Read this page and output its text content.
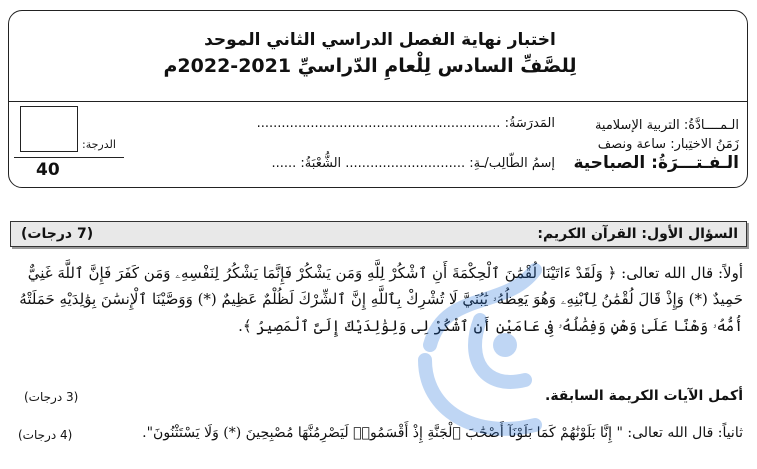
اختبار نهاية الفصل الدراسي الثاني الموحد
لِلصَّفِّ السادس لِلْعامِ الدّراسيِّ 2021-2022م
الـمــــادَّةُ: التربية الإسلامية
زَمَنُ الاختِبار: ساعة ونصف
الـفـتـــرَةُ: الصباحية
المَدرَسَةُ: ...........................................................
إسمُ الطّالِب/ـةِ: ............................. الشُّعْبَةُ: ......
الدرجة:
40
السؤال الأول: القرآن الكريم:
(7 درجات)
أولاً: قال الله تعالى: ﴿ وَلَقَدْ ءَاتَيْنَا لُقْمَٰنَ ٱلْحِكْمَةَ أَنِ ٱشْكُرْ لِلَّهِ وَمَن يَشْكُرْ فَإِنَّمَا يَشْكُرُ لِنَفْسِهِۦ وَمَن كَفَرَ فَإِنَّ ٱللَّهَ غَنِيٌّ
حَمِيدٌ (*) وَإِذْ قَالَ لُقْمَٰنُ لِٱبْنِهِۦ وَهُوَ يَعِظُهُۥ يَٰبُنَيَّ لَا تُشْرِكْ بِٱللَّهِ إِنَّ ٱلشِّرْكَ لَظُلْمٌ عَظِيمٌ (*) وَوَصَّيْنَا ٱلْإِنسَٰنَ بِوَٰلِدَيْهِ حَمَلَتْهُ
أُمُّهُۥ وَهْنًا عَلَىٰ وَهْنٍ وَفِصَٰلُهُۥ فِى عَامَيْنِ أَنِ ٱشْكُرْ لِى وَلِوَٰلِدَيْكَ إِلَىَّ ٱلْمَصِيرُ ﴾.
أكمل الآيات الكريمة السابقة.
(3 درجات)
ثانياً: قال الله تعالى: " إِنَّا بَلَوْنَٰهُمْ كَمَا بَلَوْنَآ أَصْحَٰبَ ٱلْجَنَّةِ إِذْ أَقْسَمُوا۟ لَيَصْرِمُنَّهَا مُصْبِحِينَ (*) وَلَا يَسْتَثْنُونَ".
(4 درجات)
